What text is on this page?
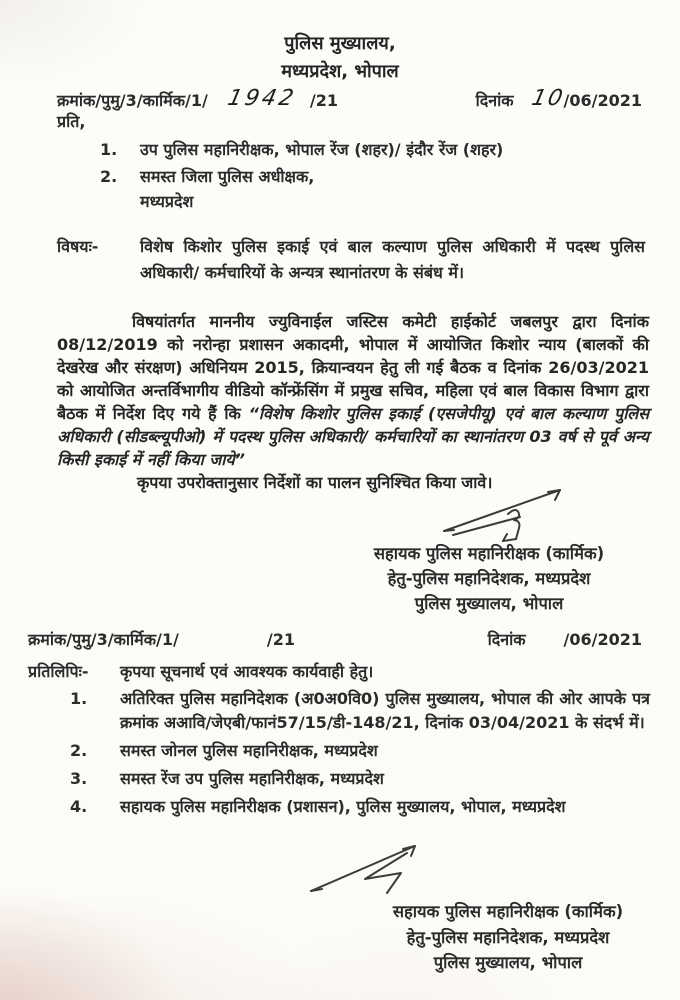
पुलिस मुख्यालय,
मध्यप्रदेश, भोपाल
क्रमांक/पुमु/3/कार्मिक/1/ 1942 /21	दिनांक 10
/06/2021
प्रति,
1.	उप पुलिस महानिरीक्षक, भोपाल रेंज (शहर)/ इंदौर रेंज (शहर)
2.	समस्त जिला पुलिस अधीक्षक,
मध्यप्रदेश
विषयः-	विशेष किशोर पुलिस इकाई एवं बाल कल्याण पुलिस अधिकारी में पदस्थ पुलिस अधिकारी/ कर्मचारियों के अन्यत्र स्थानांतरण के संबंध में।
विषयांतर्गत माननीय ज्युविनाईल जस्टिस कमेटी हाईकोर्ट जबलपुर द्वारा दिनांक 08/12/2019 को नरोन्हा प्रशासन अकादमी, भोपाल में आयोजित किशोर न्याय (बालकों की देखरेख और संरक्षण) अधिनियम 2015, क्रियान्वयन हेतु ली गई बैठक व दिनांक 26/03/2021 को आयोजित अन्तर्विभागीय वीडियो कॉन्फ्रेंसिंग में प्रमुख सचिव, महिला एवं बाल विकास विभाग द्वारा बैठक में निर्देश दिए गये हैं कि “विशेष किशोर पुलिस इकाई (एसजेपीयू) एवं बाल कल्याण पुलिस अधिकारी (सीडब्ल्यूपीओ) में पदस्थ पुलिस अधिकारी/ कर्मचारियों का स्थानांतरण 03 वर्ष से पूर्व अन्य किसी इकाई में नहीं किया जाये”
कृपया उपरोक्तानुसार निर्देशों का पालन सुनिश्चित किया जावे।
सहायक पुलिस महानिरीक्षक (कार्मिक)
हेतु-पुलिस महानिदेशक, मध्यप्रदेश
पुलिस मुख्यालय, भोपाल
क्रमांक/पुमु/3/कार्मिक/1/	/21	दिनांक /06/2021
प्रतिलिपिः-	कृपया सूचनार्थ एवं आवश्यक कार्यवाही हेतु।
1.	अतिरिक्त पुलिस महानिदेशक (अ0अ0वि0) पुलिस मुख्यालय, भोपाल की ओर आपके पत्र क्रमांक अआवि/जेएबी/फानं57/15/डी-148/21, दिनांक 03/04/2021 के संदर्भ में।
2.	समस्त जोनल पुलिस महानिरीक्षक, मध्यप्रदेश
3.	समस्त रेंज उप पुलिस महानिरीक्षक, मध्यप्रदेश
4.	सहायक पुलिस महानिरीक्षक (प्रशासन), पुलिस मुख्यालय, भोपाल, मध्यप्रदेश
सहायक पुलिस महानिरीक्षक (कार्मिक)
हेतु-पुलिस महानिदेशक, मध्यप्रदेश
पुलिस मुख्यालय, भोपाल
